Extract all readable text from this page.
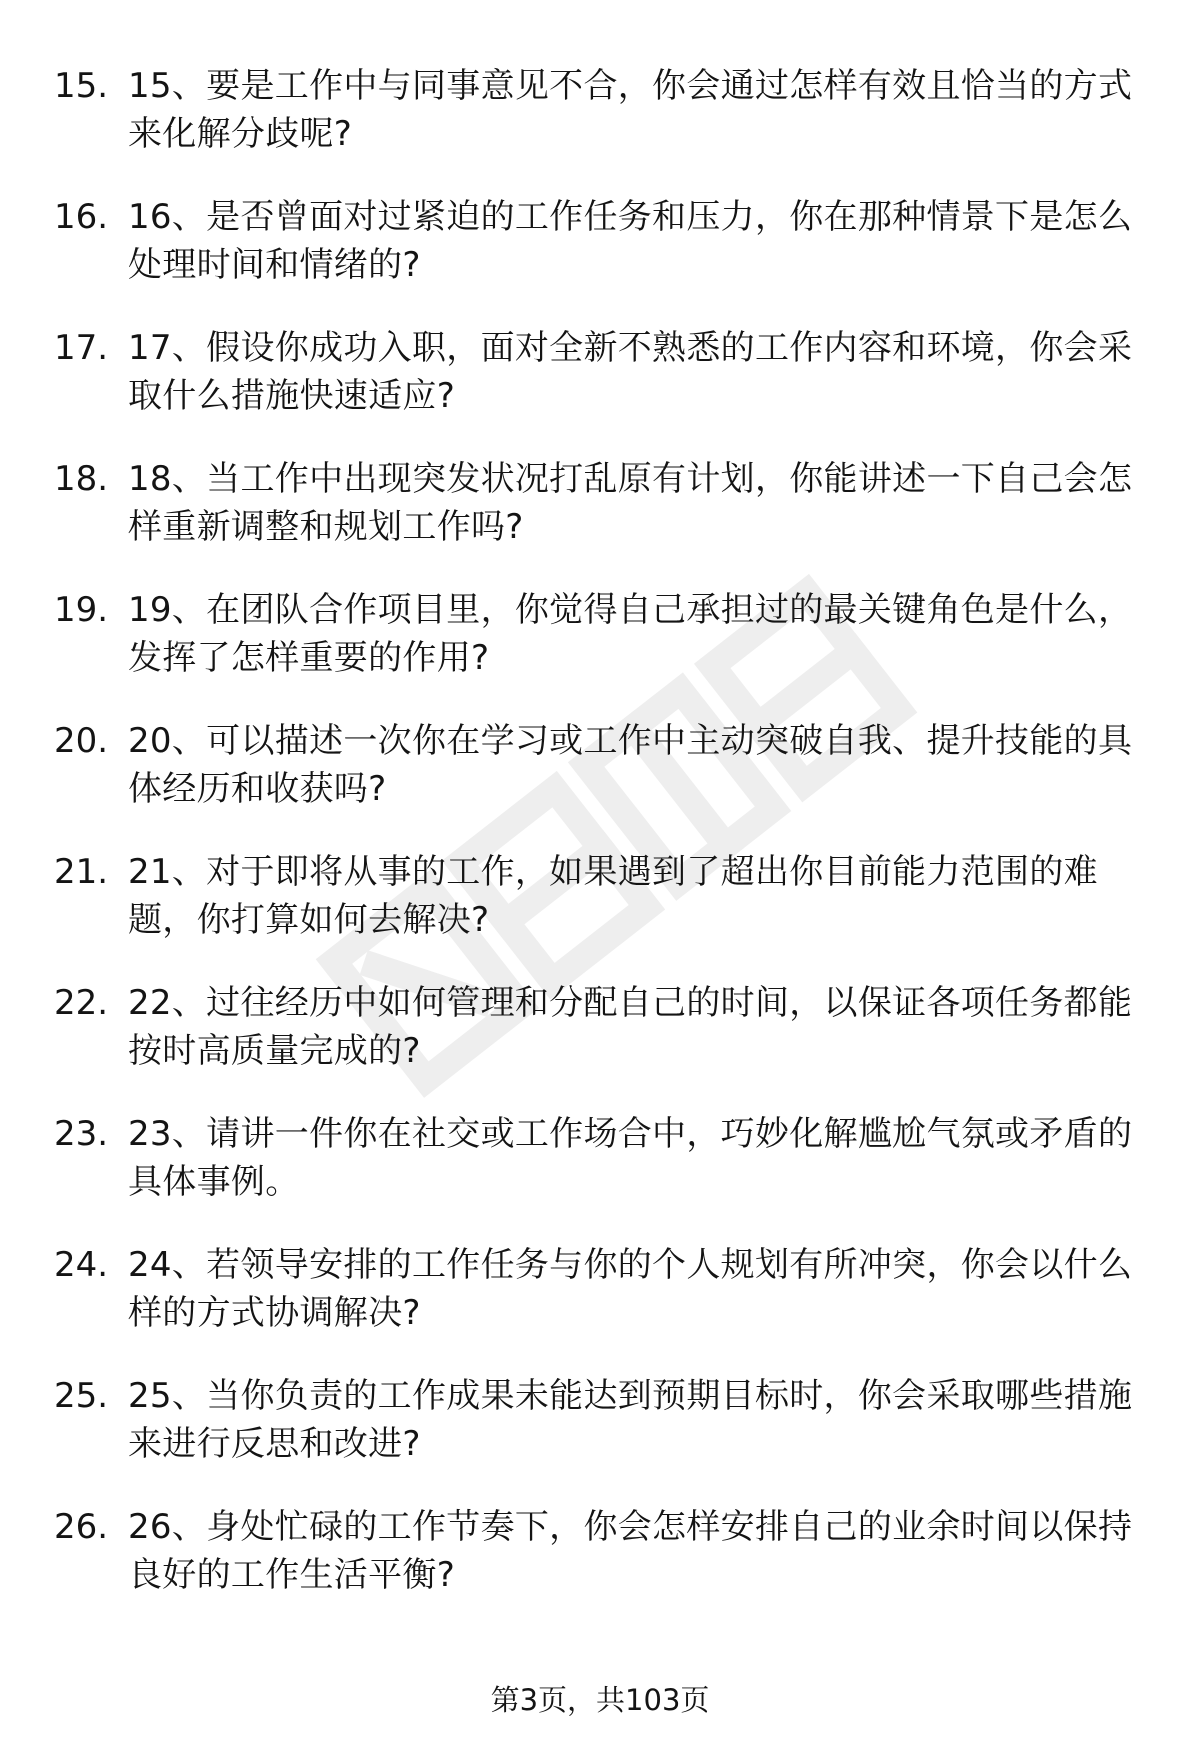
15. 15、要是工作中与同事意见不合，你会通过怎样有效且恰当的方式来化解分歧呢?
16. 16、是否曾面对过紧迫的工作任务和压力，你在那种情景下是怎么处理时间和情绪的?
17. 17、假设你成功入职，面对全新不熟悉的工作内容和环境，你会采取什么措施快速适应?
18. 18、当工作中出现突发状况打乱原有计划，你能讲述一下自己会怎样重新调整和规划工作吗?
19. 19、在团队合作项目里，你觉得自己承担过的最关键角色是什么，发挥了怎样重要的作用?
20. 20、可以描述一次你在学习或工作中主动突破自我、提升技能的具体经历和收获吗?
21. 21、对于即将从事的工作，如果遇到了超出你目前能力范围的难题，你打算如何去解决?
22. 22、过往经历中如何管理和分配自己的时间，以保证各项任务都能按时高质量完成的?
23. 23、请讲一件你在社交或工作场合中，巧妙化解尴尬气氛或矛盾的具体事例。
24. 24、若领导安排的工作任务与你的个人规划有所冲突，你会以什么样的方式协调解决?
25. 25、当你负责的工作成果未能达到预期目标时，你会采取哪些措施来进行反思和改进?
26. 26、身处忙碌的工作节奏下，你会怎样安排自己的业余时间以保持良好的工作生活平衡?
第3页，共103页
